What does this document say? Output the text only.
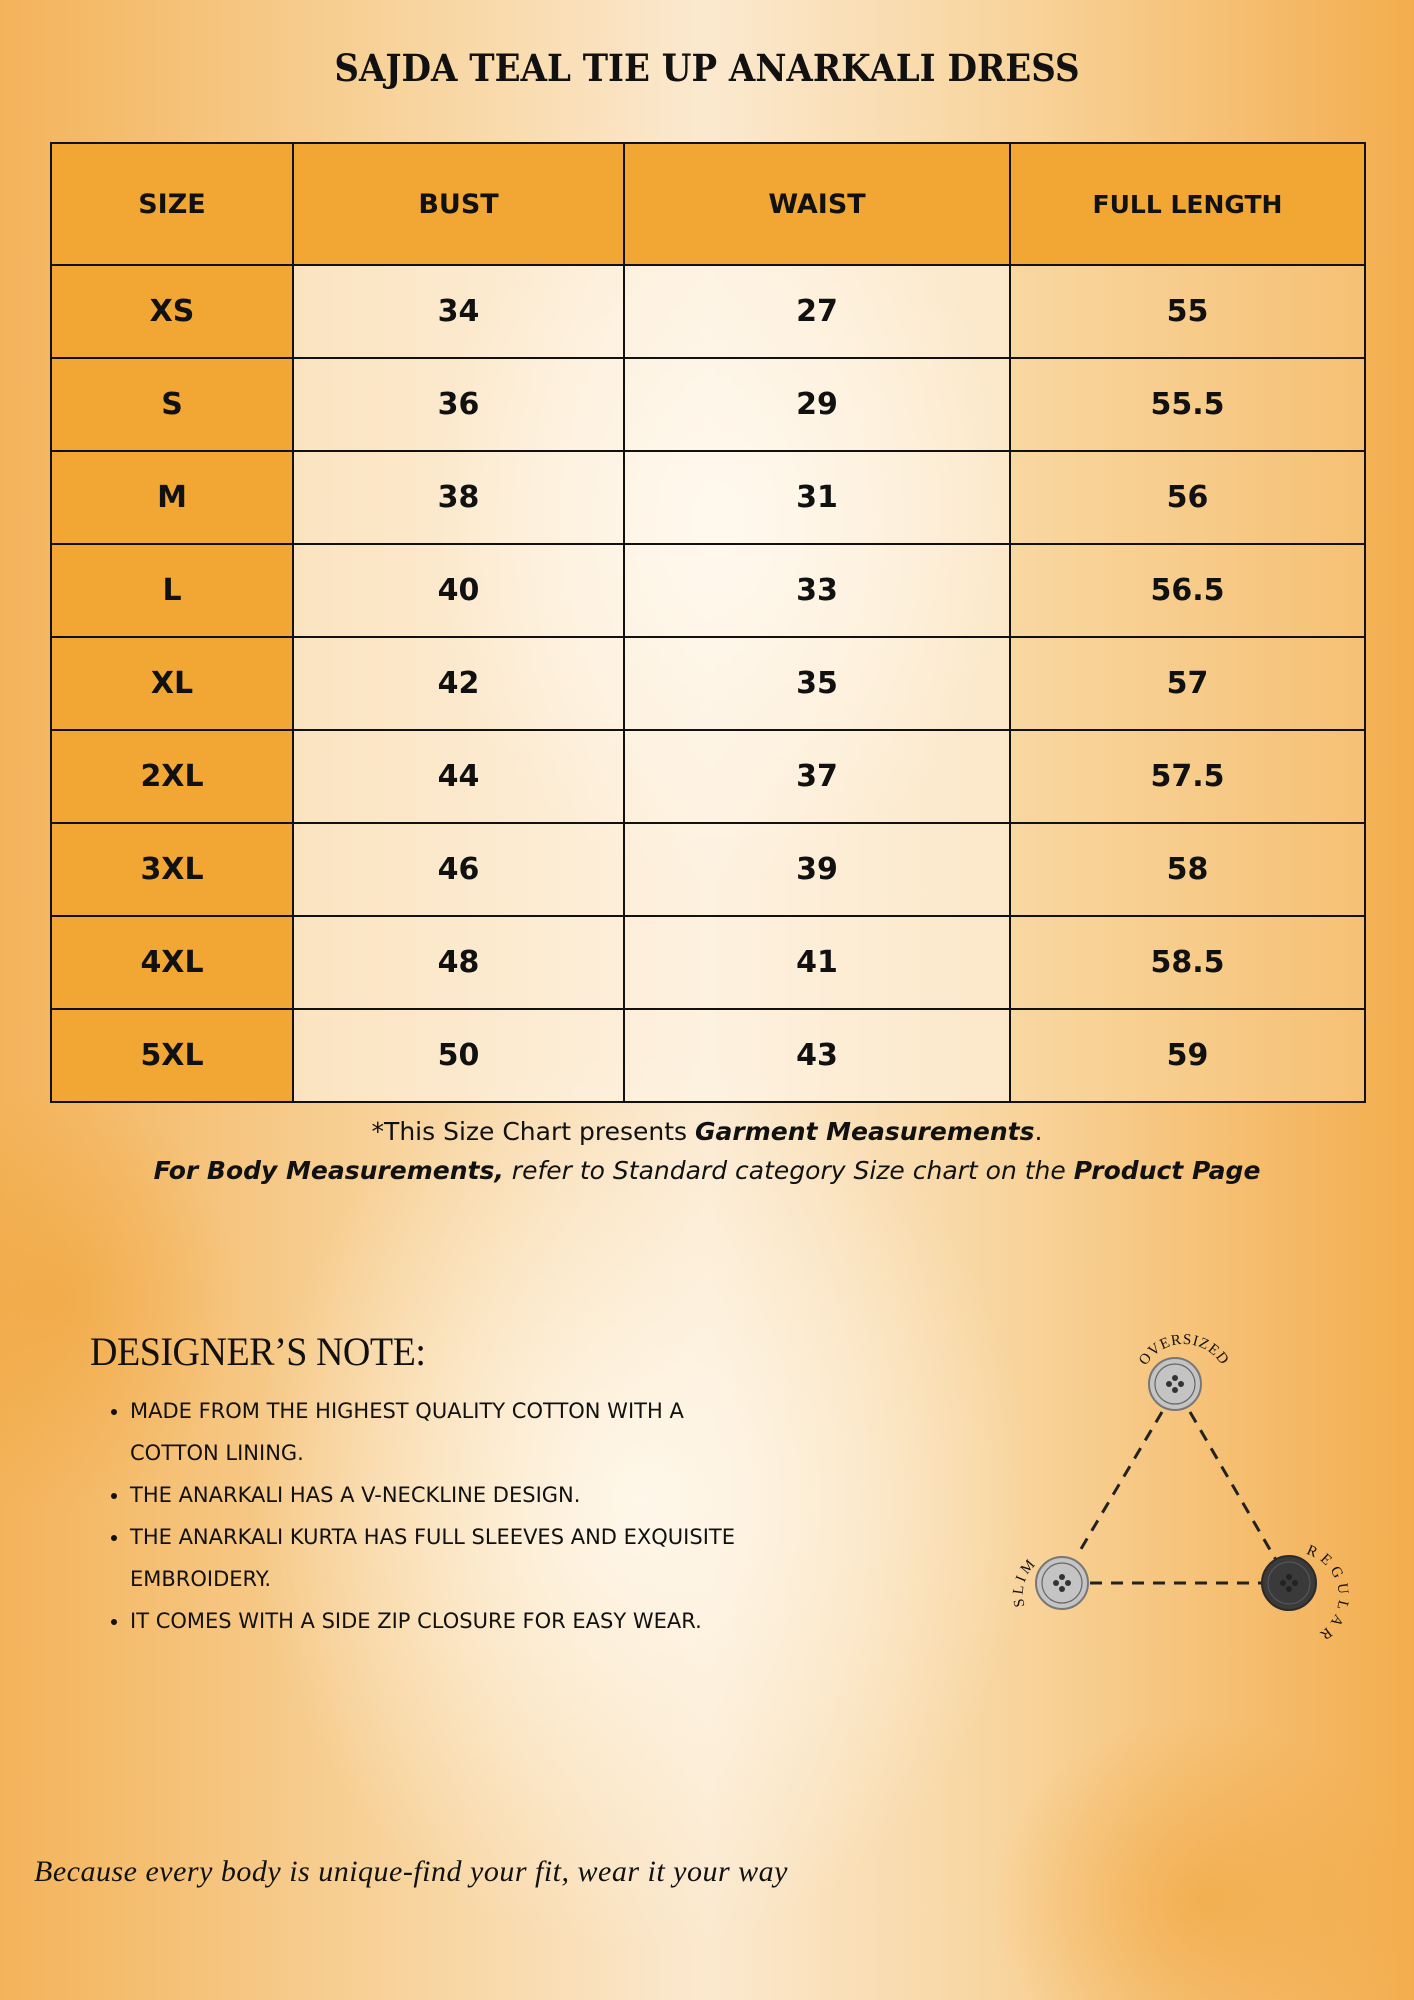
SAJDA TEAL TIE UP ANARKALI DRESS
SIZE	BUST	WAIST	FULL LENGTH
XS	34	27	55
S	36	29	55.5
M	38	31	56
L	40	33	56.5
XL	42	35	57
2XL	44	37	57.5
3XL	46	39	58
4XL	48	41	58.5
5XL	50	43	59
*This Size Chart presents Garment Measurements.
For Body Measurements, refer to Standard category Size chart on the Product Page
DESIGNER’S NOTE:
• MADE FROM THE HIGHEST QUALITY COTTON WITH A COTTON LINING.
• THE ANARKALI HAS A V-NECKLINE DESIGN.
• THE ANARKALI KURTA HAS FULL SLEEVES AND EXQUISITE EMBROIDERY.
• IT COMES WITH A SIDE ZIP CLOSURE FOR EASY WEAR.
OVERSIZED
SLIM
REGULAR
Because every body is unique-find your fit, wear it your way
